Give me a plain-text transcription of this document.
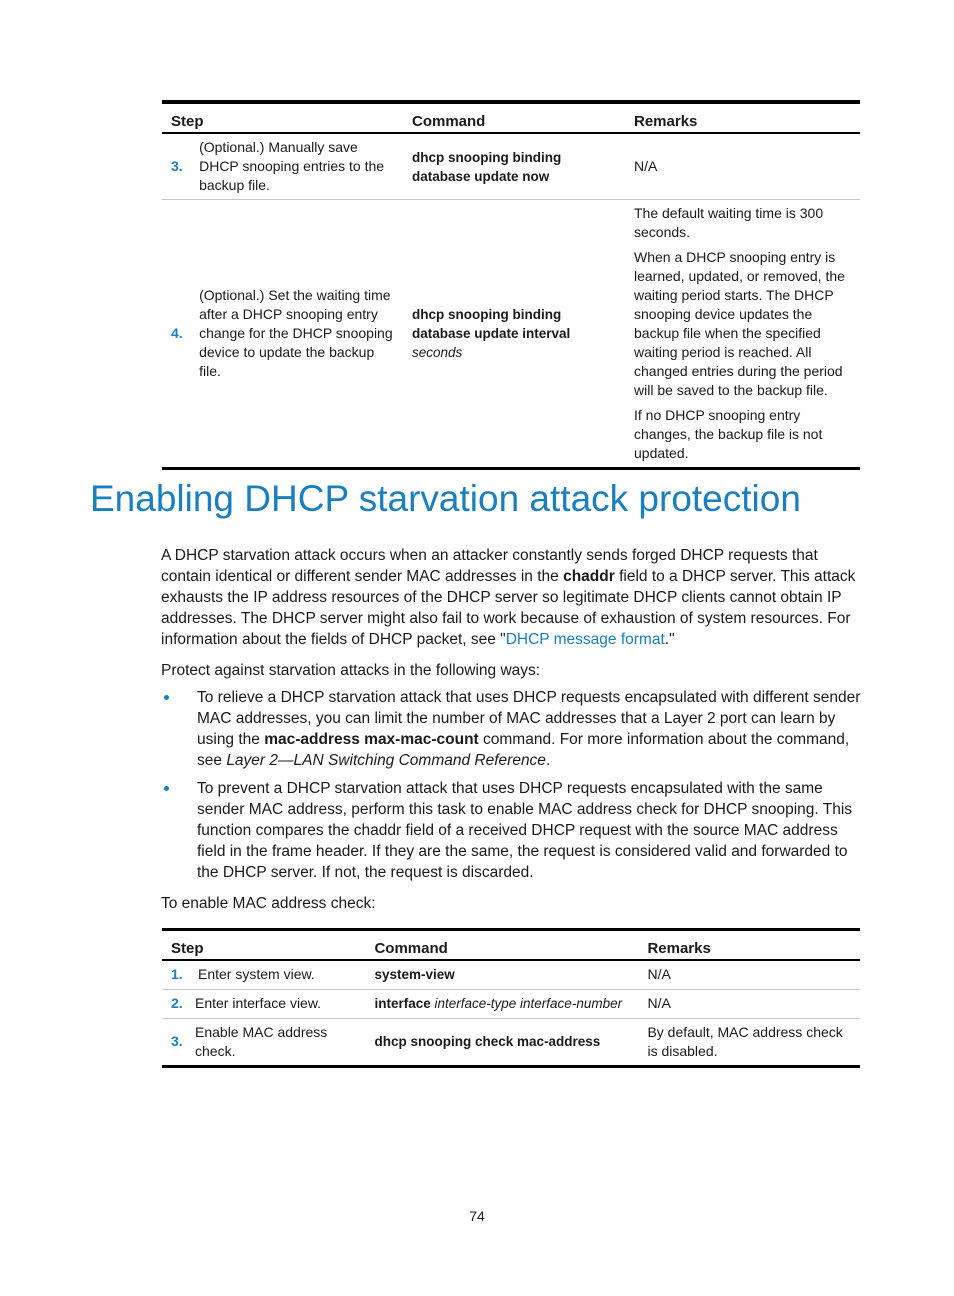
Step		Command	Remarks
3.	(Optional.) Manually save DHCP snooping entries to the backup file.	dhcp snooping binding database update now	N/A

4.	(Optional.) Set the waiting time after a DHCP snooping entry change for the DHCP snooping device to update the backup file.	dhcp snooping binding database update interval seconds	The default waiting time is 300 seconds.

When a DHCP snooping entry is learned, updated, or removed, the waiting period starts. The DHCP snooping device updates the backup file when the specified waiting period is reached. All changed entries during the period will be saved to the backup file.

If no DHCP snooping entry changes, the backup file is not updated.

Enabling DHCP starvation attack protection

A DHCP starvation attack occurs when an attacker constantly sends forged DHCP requests that contain identical or different sender MAC addresses in the chaddr field to a DHCP server. This attack exhausts the IP address resources of the DHCP server so legitimate DHCP clients cannot obtain IP addresses. The DHCP server might also fail to work because of exhaustion of system resources. For information about the fields of DHCP packet, see "DHCP message format."

Protect against starvation attacks in the following ways:

To relieve a DHCP starvation attack that uses DHCP requests encapsulated with different sender MAC addresses, you can limit the number of MAC addresses that a Layer 2 port can learn by using the mac-address max-mac-count command. For more information about the command, see Layer 2—LAN Switching Command Reference.

To prevent a DHCP starvation attack that uses DHCP requests encapsulated with the same sender MAC address, perform this task to enable MAC address check for DHCP snooping. This function compares the chaddr field of a received DHCP request with the source MAC address field in the frame header. If they are the same, the request is considered valid and forwarded to the DHCP server. If not, the request is discarded.

To enable MAC address check:

Step		Command	Remarks
1.	Enter system view.	system-view	N/A
2.	Enter interface view.	interface interface-type interface-number	N/A
3.	Enable MAC address check.	dhcp snooping check mac-address	By default, MAC address check is disabled.
74
